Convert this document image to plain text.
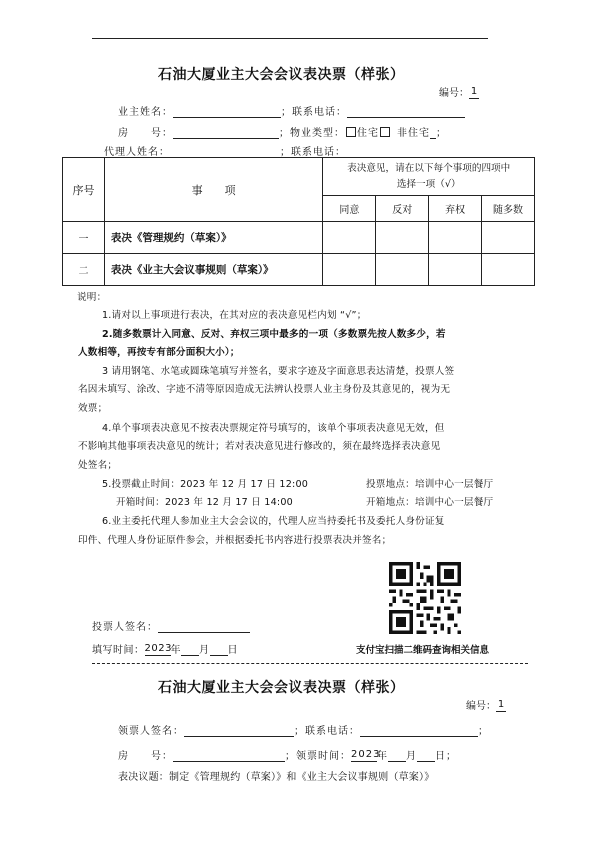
石油大厦业主大会会议表决票（样张）
编号： 1
业主姓名：	；联系电话：
房　　号：	；物业类型： 住宅 非住宅 ；
代理人姓名：	；联系电话：
序号	事　　项	表决意见，请在以下每个事项的四项中
选择一项（√）			

		同意	反对	弃权	随多数
一	表决《管理规约（草案）》				
二	表决《业主大会议事规则（草案）》				
说明：
1.请对以上事项进行表决，在其对应的表决意见栏内划 “√”；
2.随多数票计入同意、反对、弃权三项中最多的一项（多数票先按人数多少，若
人数相等，再按专有部分面积大小）；
3 请用钢笔、水笔或圆珠笔填写并签名，要求字迹及字面意思表达清楚，投票人签
名因未填写、涂改、字迹不清等原因造成无法辨认投票人业主身份及其意见的，视为无
效票；
4.单个事项表决意见不按表决票规定符号填写的，该单个事项表决意见无效，但
不影响其他事项表决意见的统计；若对表决意见进行修改的，须在最终选择表决意见
处签名；
5.投票截止时间：2023 年 12 月 17 日 12:00	投票地点：培训中心一层餐厅
开箱时间：2023 年 12 月 17 日 14:00	开箱地点：培训中心一层餐厅
6.业主委托代理人参加业主大会会议的，代理人应当持委托书及委托人身份证复
印件、代理人身份证原件参会，并根据委托书内容进行投票表决并签名；
投票人签名：
填写时间：2023年 月 日	支付宝扫描二维码查询相关信息
石油大厦业主大会会议表决票（样张）
编号： 1
领票人签名：	；联系电话：	；
房　　号：	；领票时间：2023年 月 日；
表决议题：制定《管理规约（草案）》和《业主大会议事规则（草案）》
